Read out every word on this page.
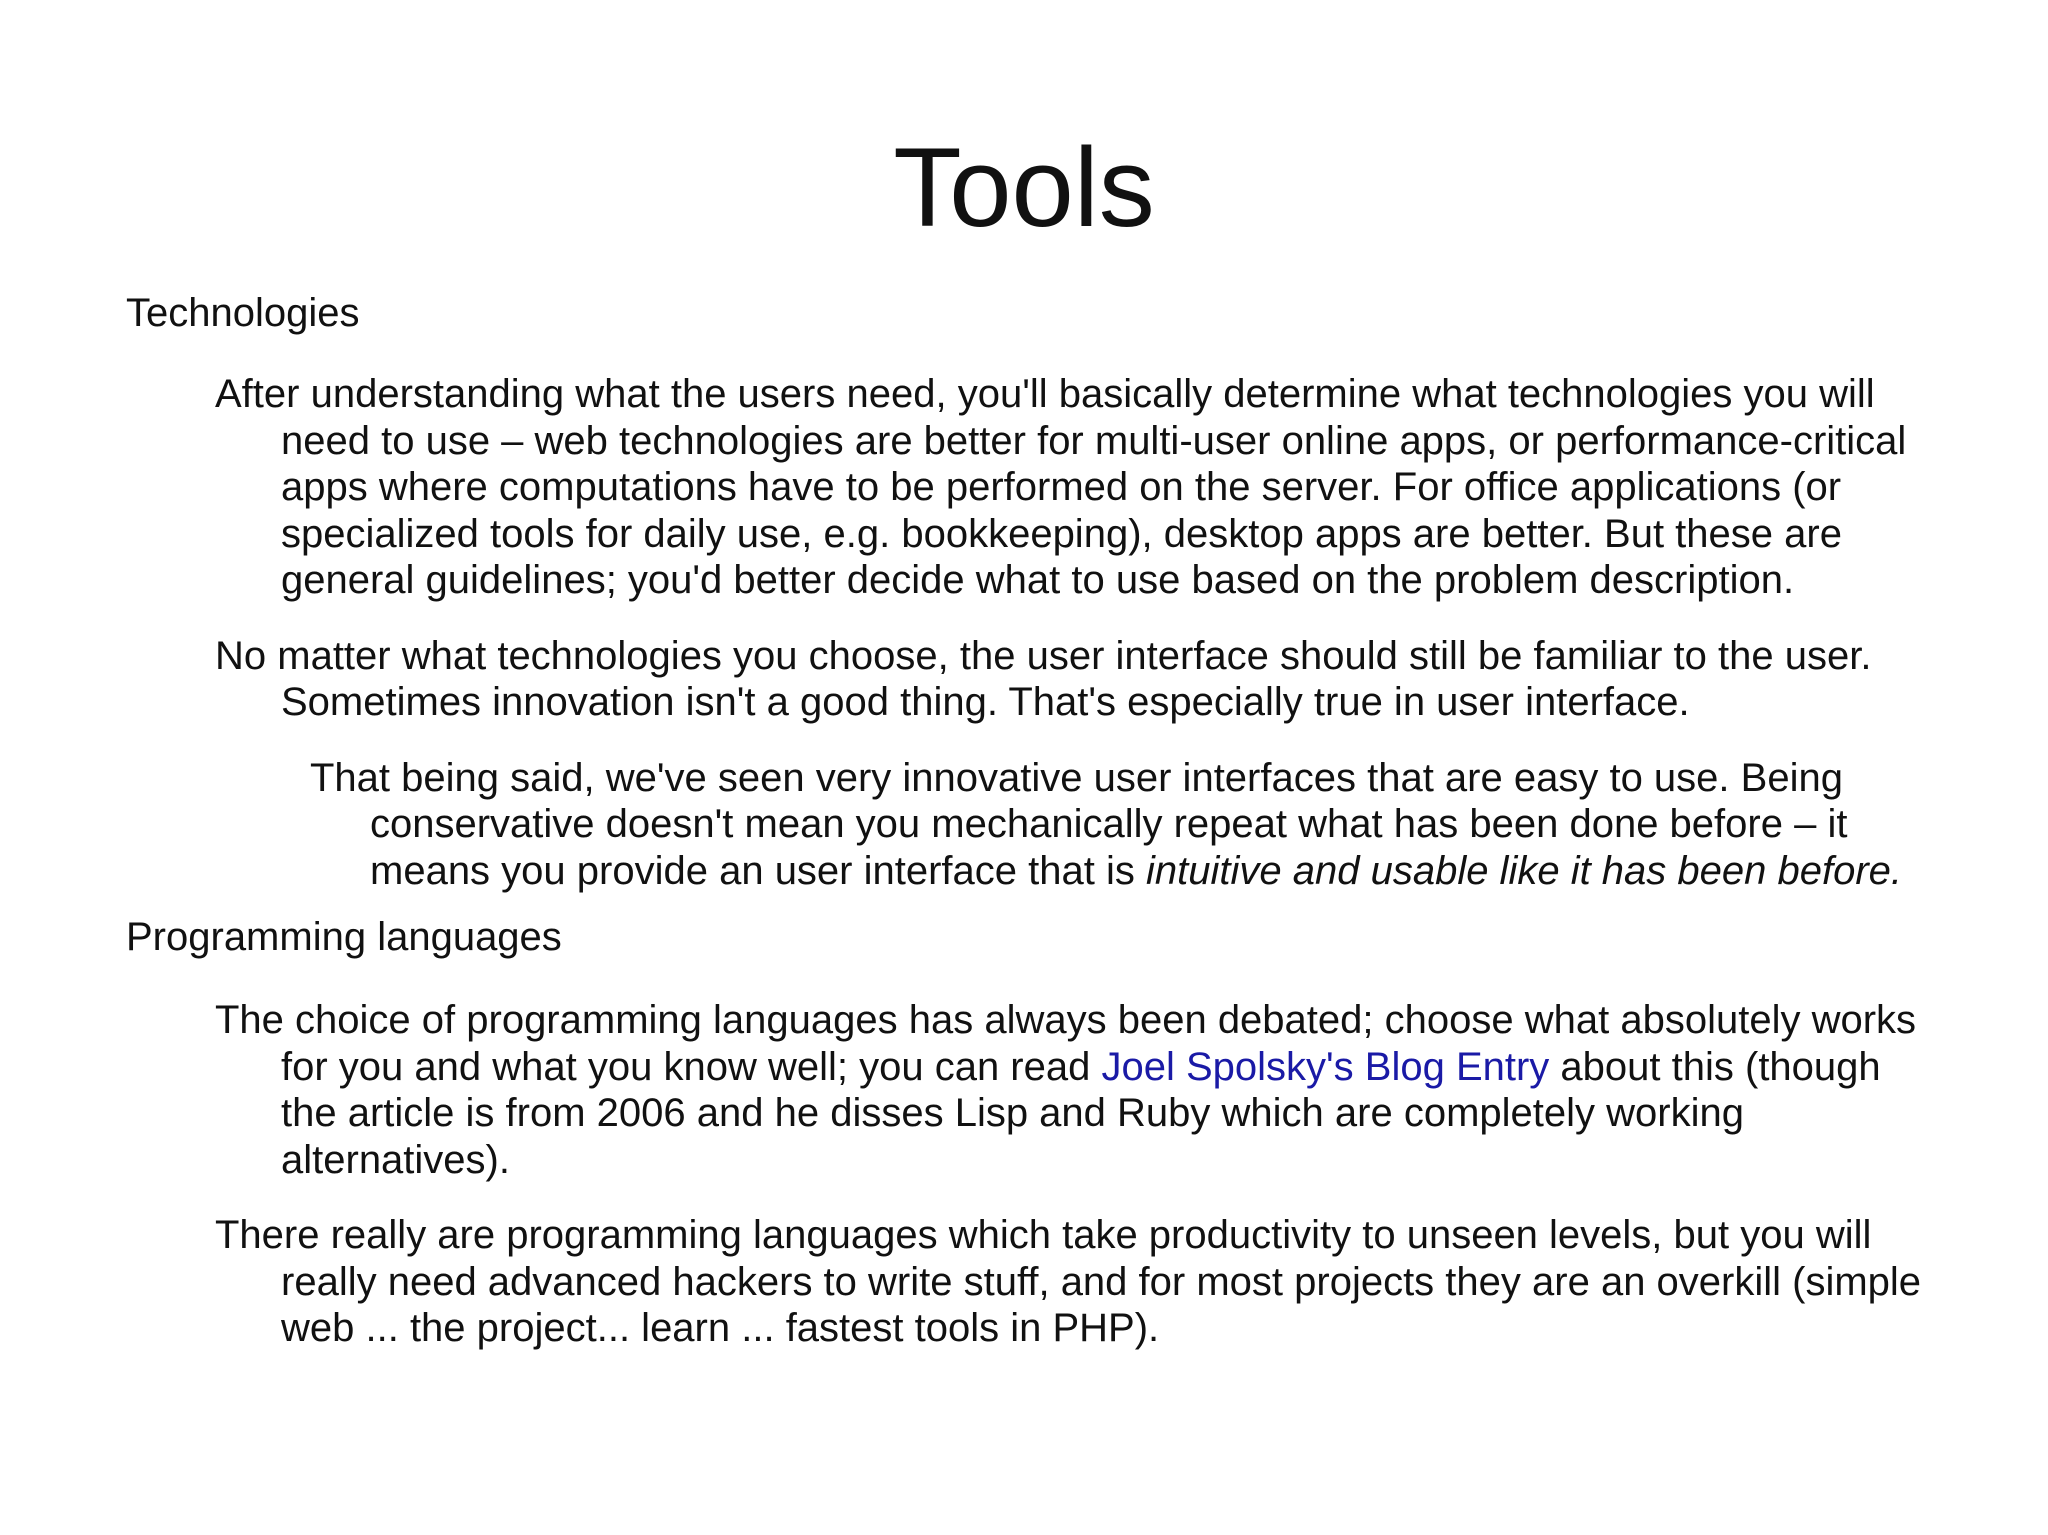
Tools
Technologies
After understanding what the users need, you'll basically determine what technologies you will need to use – web technologies are better for multi-user online apps, or performance-critical apps where computations have to be performed on the server. For office applications (or specialized tools for daily use, e.g. bookkeeping), desktop apps are better. But these are general guidelines; you'd better decide what to use based on the problem description.
No matter what technologies you choose, the user interface should still be familiar to the user. Sometimes innovation isn't a good thing. That's especially true in user interface.
That being said, we've seen very innovative user interfaces that are easy to use. Being conservative doesn't mean you mechanically repeat what has been done before – it means you provide an user interface that is intuitive and usable like it has been before.
Programming languages
The choice of programming languages has always been debated; choose what absolutely works for you and what you know well; you can read Joel Spolsky's Blog Entry about this (though the article is from 2006 and he disses Lisp and Ruby which are completely working alternatives).
There really are programming languages which take productivity to unseen levels, but you will really need advanced hackers to write stuff, and for most projects they are an overkill (simple web ... the project... learn ... fastest tools in PHP).
